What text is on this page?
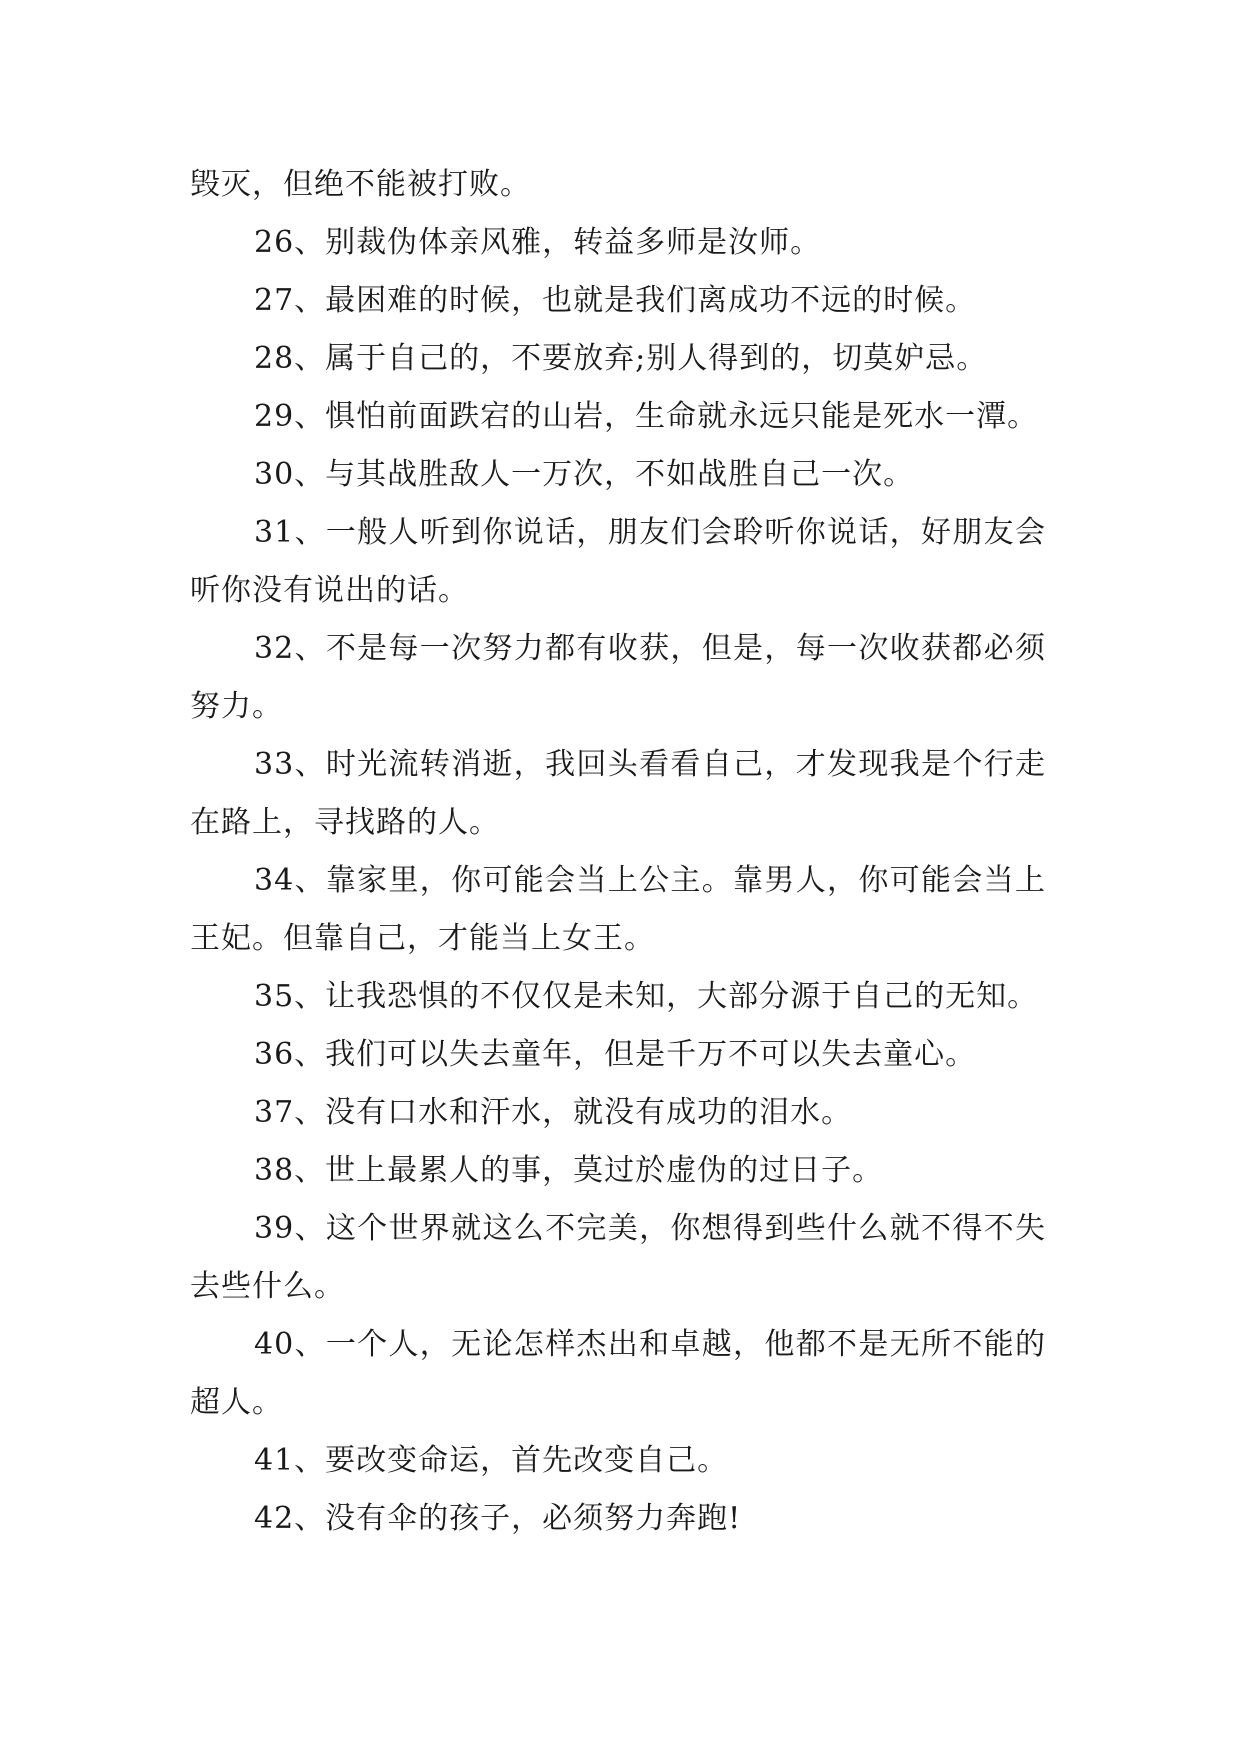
毁灭，但绝不能被打败。

26、别裁伪体亲风雅，转益多师是汝师。

27、最困难的时候，也就是我们离成功不远的时候。

28、属于自己的，不要放弃;别人得到的，切莫妒忌。

29、惧怕前面跌宕的山岩，生命就永远只能是死水一潭。

30、与其战胜敌人一万次，不如战胜自己一次。

31、一般人听到你说话，朋友们会聆听你说话，好朋友会听你没有说出的话。

32、不是每一次努力都有收获，但是，每一次收获都必须努力。

33、时光流转消逝，我回头看看自己，才发现我是个行走在路上，寻找路的人。

34、靠家里，你可能会当上公主。靠男人，你可能会当上王妃。但靠自己，才能当上女王。

35、让我恐惧的不仅仅是未知，大部分源于自己的无知。

36、我们可以失去童年，但是千万不可以失去童心。

37、没有口水和汗水，就没有成功的泪水。

38、世上最累人的事，莫过於虚伪的过日子。

39、这个世界就这么不完美，你想得到些什么就不得不失去些什么。

40、一个人，无论怎样杰出和卓越，他都不是无所不能的超人。

41、要改变命运，首先改变自己。

42、没有伞的孩子，必须努力奔跑!
